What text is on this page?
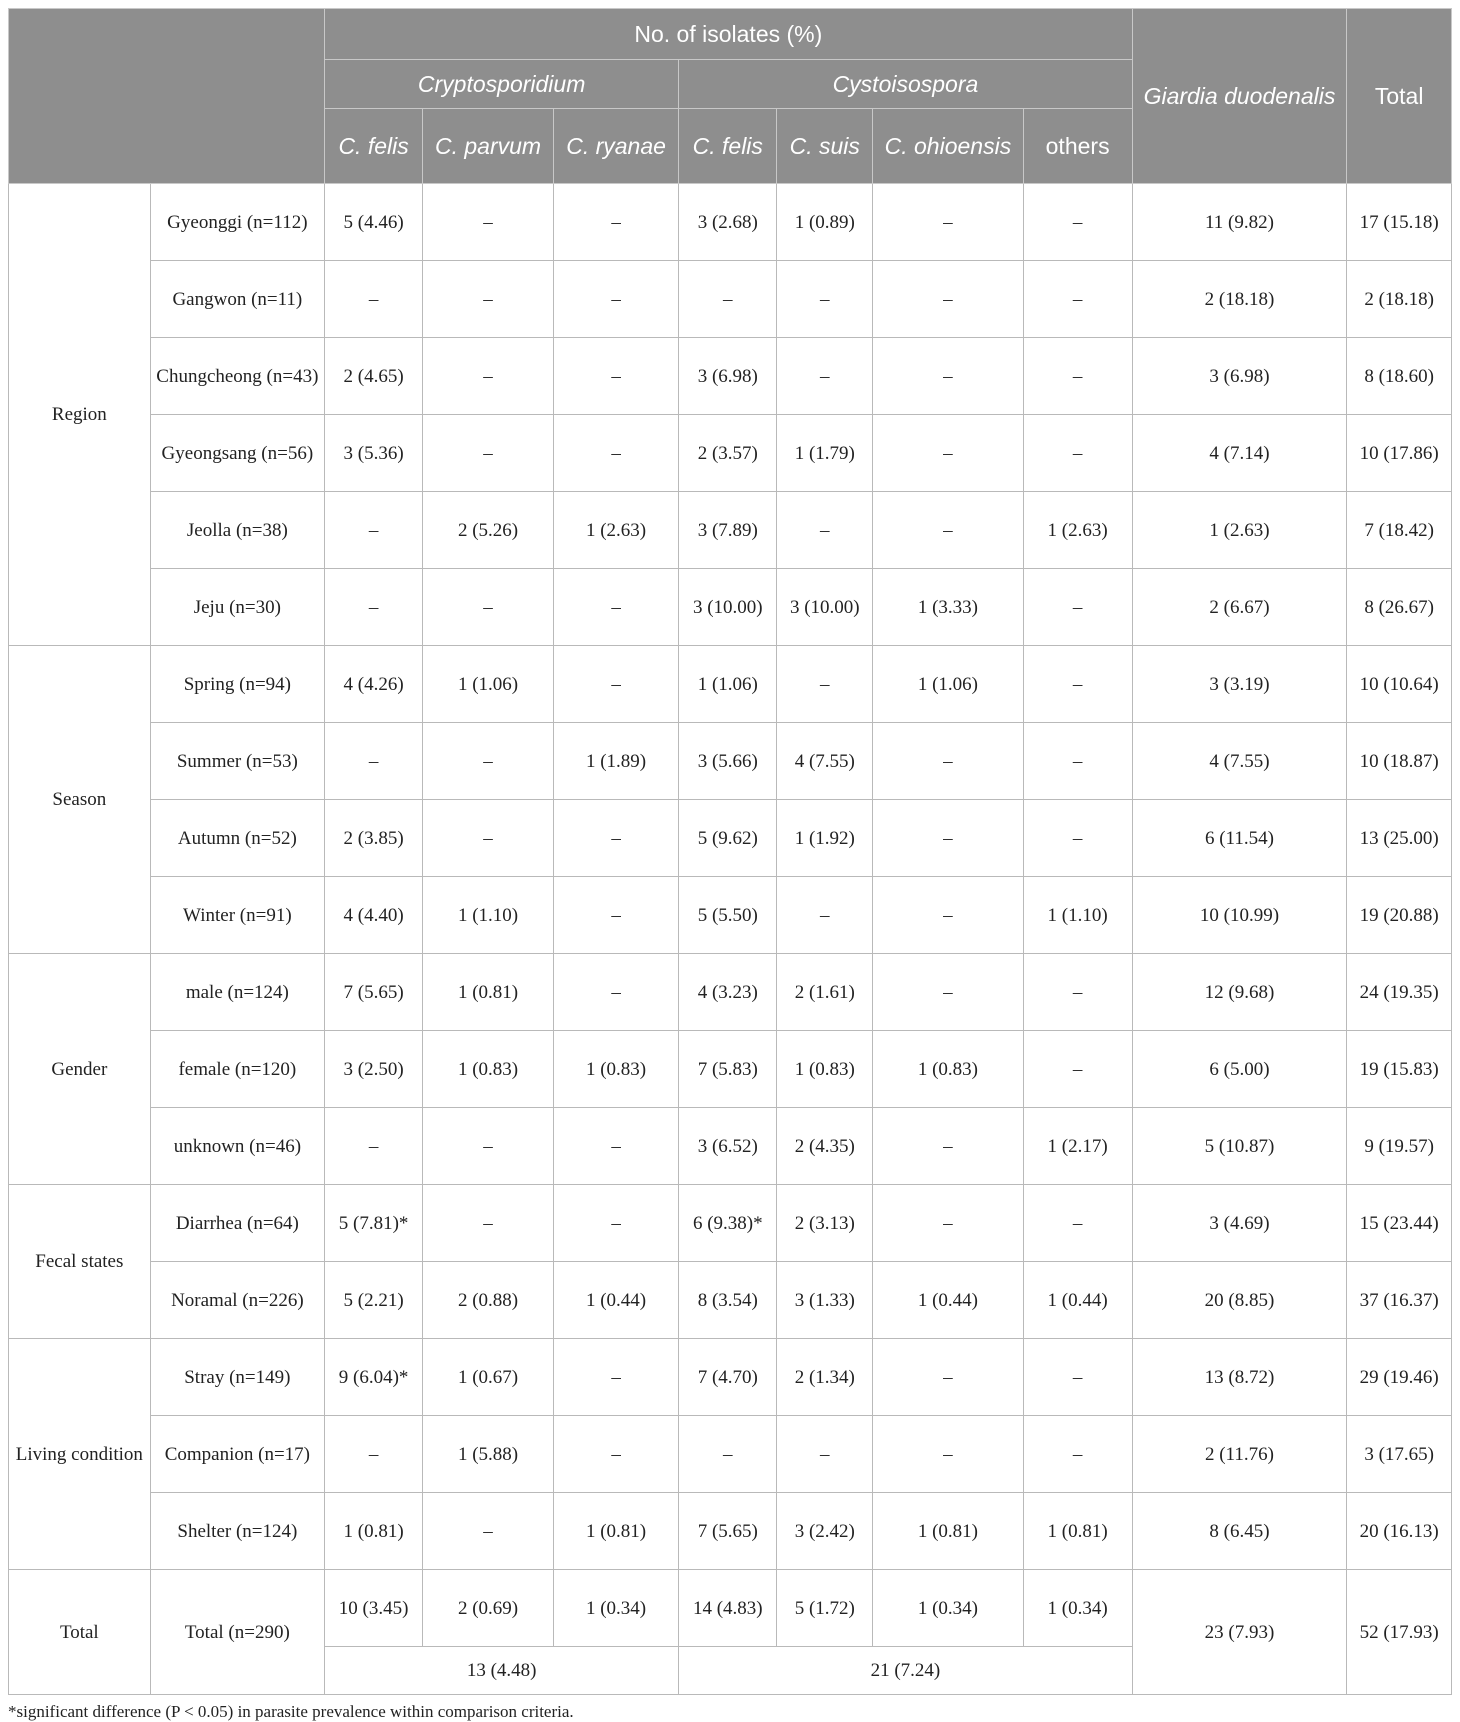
		No. of isolates (%)							Giardia duodenalis	Total
		Cryptosporidium			Cystoisospora					
		C. felis	C. parvum	C. ryanae	C. felis	C. suis	C. ohioensis	others		
Region	Gyeonggi (n=112)	5 (4.46)	–	–	3 (2.68)	1 (0.89)	–	–	11 (9.82)	17 (15.18)
	Gangwon (n=11)	–	–	–	–	–	–	–	2 (18.18)	2 (18.18)
	Chungcheong (n=43)	2 (4.65)	–	–	3 (6.98)	–	–	–	3 (6.98)	8 (18.60)
	Gyeongsang (n=56)	3 (5.36)	–	–	2 (3.57)	1 (1.79)	–	–	4 (7.14)	10 (17.86)
	Jeolla (n=38)	–	2 (5.26)	1 (2.63)	3 (7.89)	–	–	1 (2.63)	1 (2.63)	7 (18.42)
	Jeju (n=30)	–	–	–	3 (10.00)	3 (10.00)	1 (3.33)	–	2 (6.67)	8 (26.67)
Season	Spring (n=94)	4 (4.26)	1 (1.06)	–	1 (1.06)	–	1 (1.06)	–	3 (3.19)	10 (10.64)
	Summer (n=53)	–	–	1 (1.89)	3 (5.66)	4 (7.55)	–	–	4 (7.55)	10 (18.87)
	Autumn (n=52)	2 (3.85)	–	–	5 (9.62)	1 (1.92)	–	–	6 (11.54)	13 (25.00)
	Winter (n=91)	4 (4.40)	1 (1.10)	–	5 (5.50)	–	–	1 (1.10)	10 (10.99)	19 (20.88)
Gender	male (n=124)	7 (5.65)	1 (0.81)	–	4 (3.23)	2 (1.61)	–	–	12 (9.68)	24 (19.35)
	female (n=120)	3 (2.50)	1 (0.83)	1 (0.83)	7 (5.83)	1 (0.83)	1 (0.83)	–	6 (5.00)	19 (15.83)
	unknown (n=46)	–	–	–	3 (6.52)	2 (4.35)	–	1 (2.17)	5 (10.87)	9 (19.57)
Fecal states	Diarrhea (n=64)	5 (7.81)*	–	–	6 (9.38)*	2 (3.13)	–	–	3 (4.69)	15 (23.44)
	Noramal (n=226)	5 (2.21)	2 (0.88)	1 (0.44)	8 (3.54)	3 (1.33)	1 (0.44)	1 (0.44)	20 (8.85)	37 (16.37)
Living condition	Stray (n=149)	9 (6.04)*	1 (0.67)	–	7 (4.70)	2 (1.34)	–	–	13 (8.72)	29 (19.46)
	Companion (n=17)	–	1 (5.88)	–	–	–	–	–	2 (11.76)	3 (17.65)
	Shelter (n=124)	1 (0.81)	–	1 (0.81)	7 (5.65)	3 (2.42)	1 (0.81)	1 (0.81)	8 (6.45)	20 (16.13)
Total	Total (n=290)	10 (3.45)	2 (0.69)	1 (0.34)	14 (4.83)	5 (1.72)	1 (0.34)	1 (0.34)	23 (7.93)	52 (17.93)
		13 (4.48)			21 (7.24)					
*significant difference (P < 0.05) in parasite prevalence within comparison criteria.
